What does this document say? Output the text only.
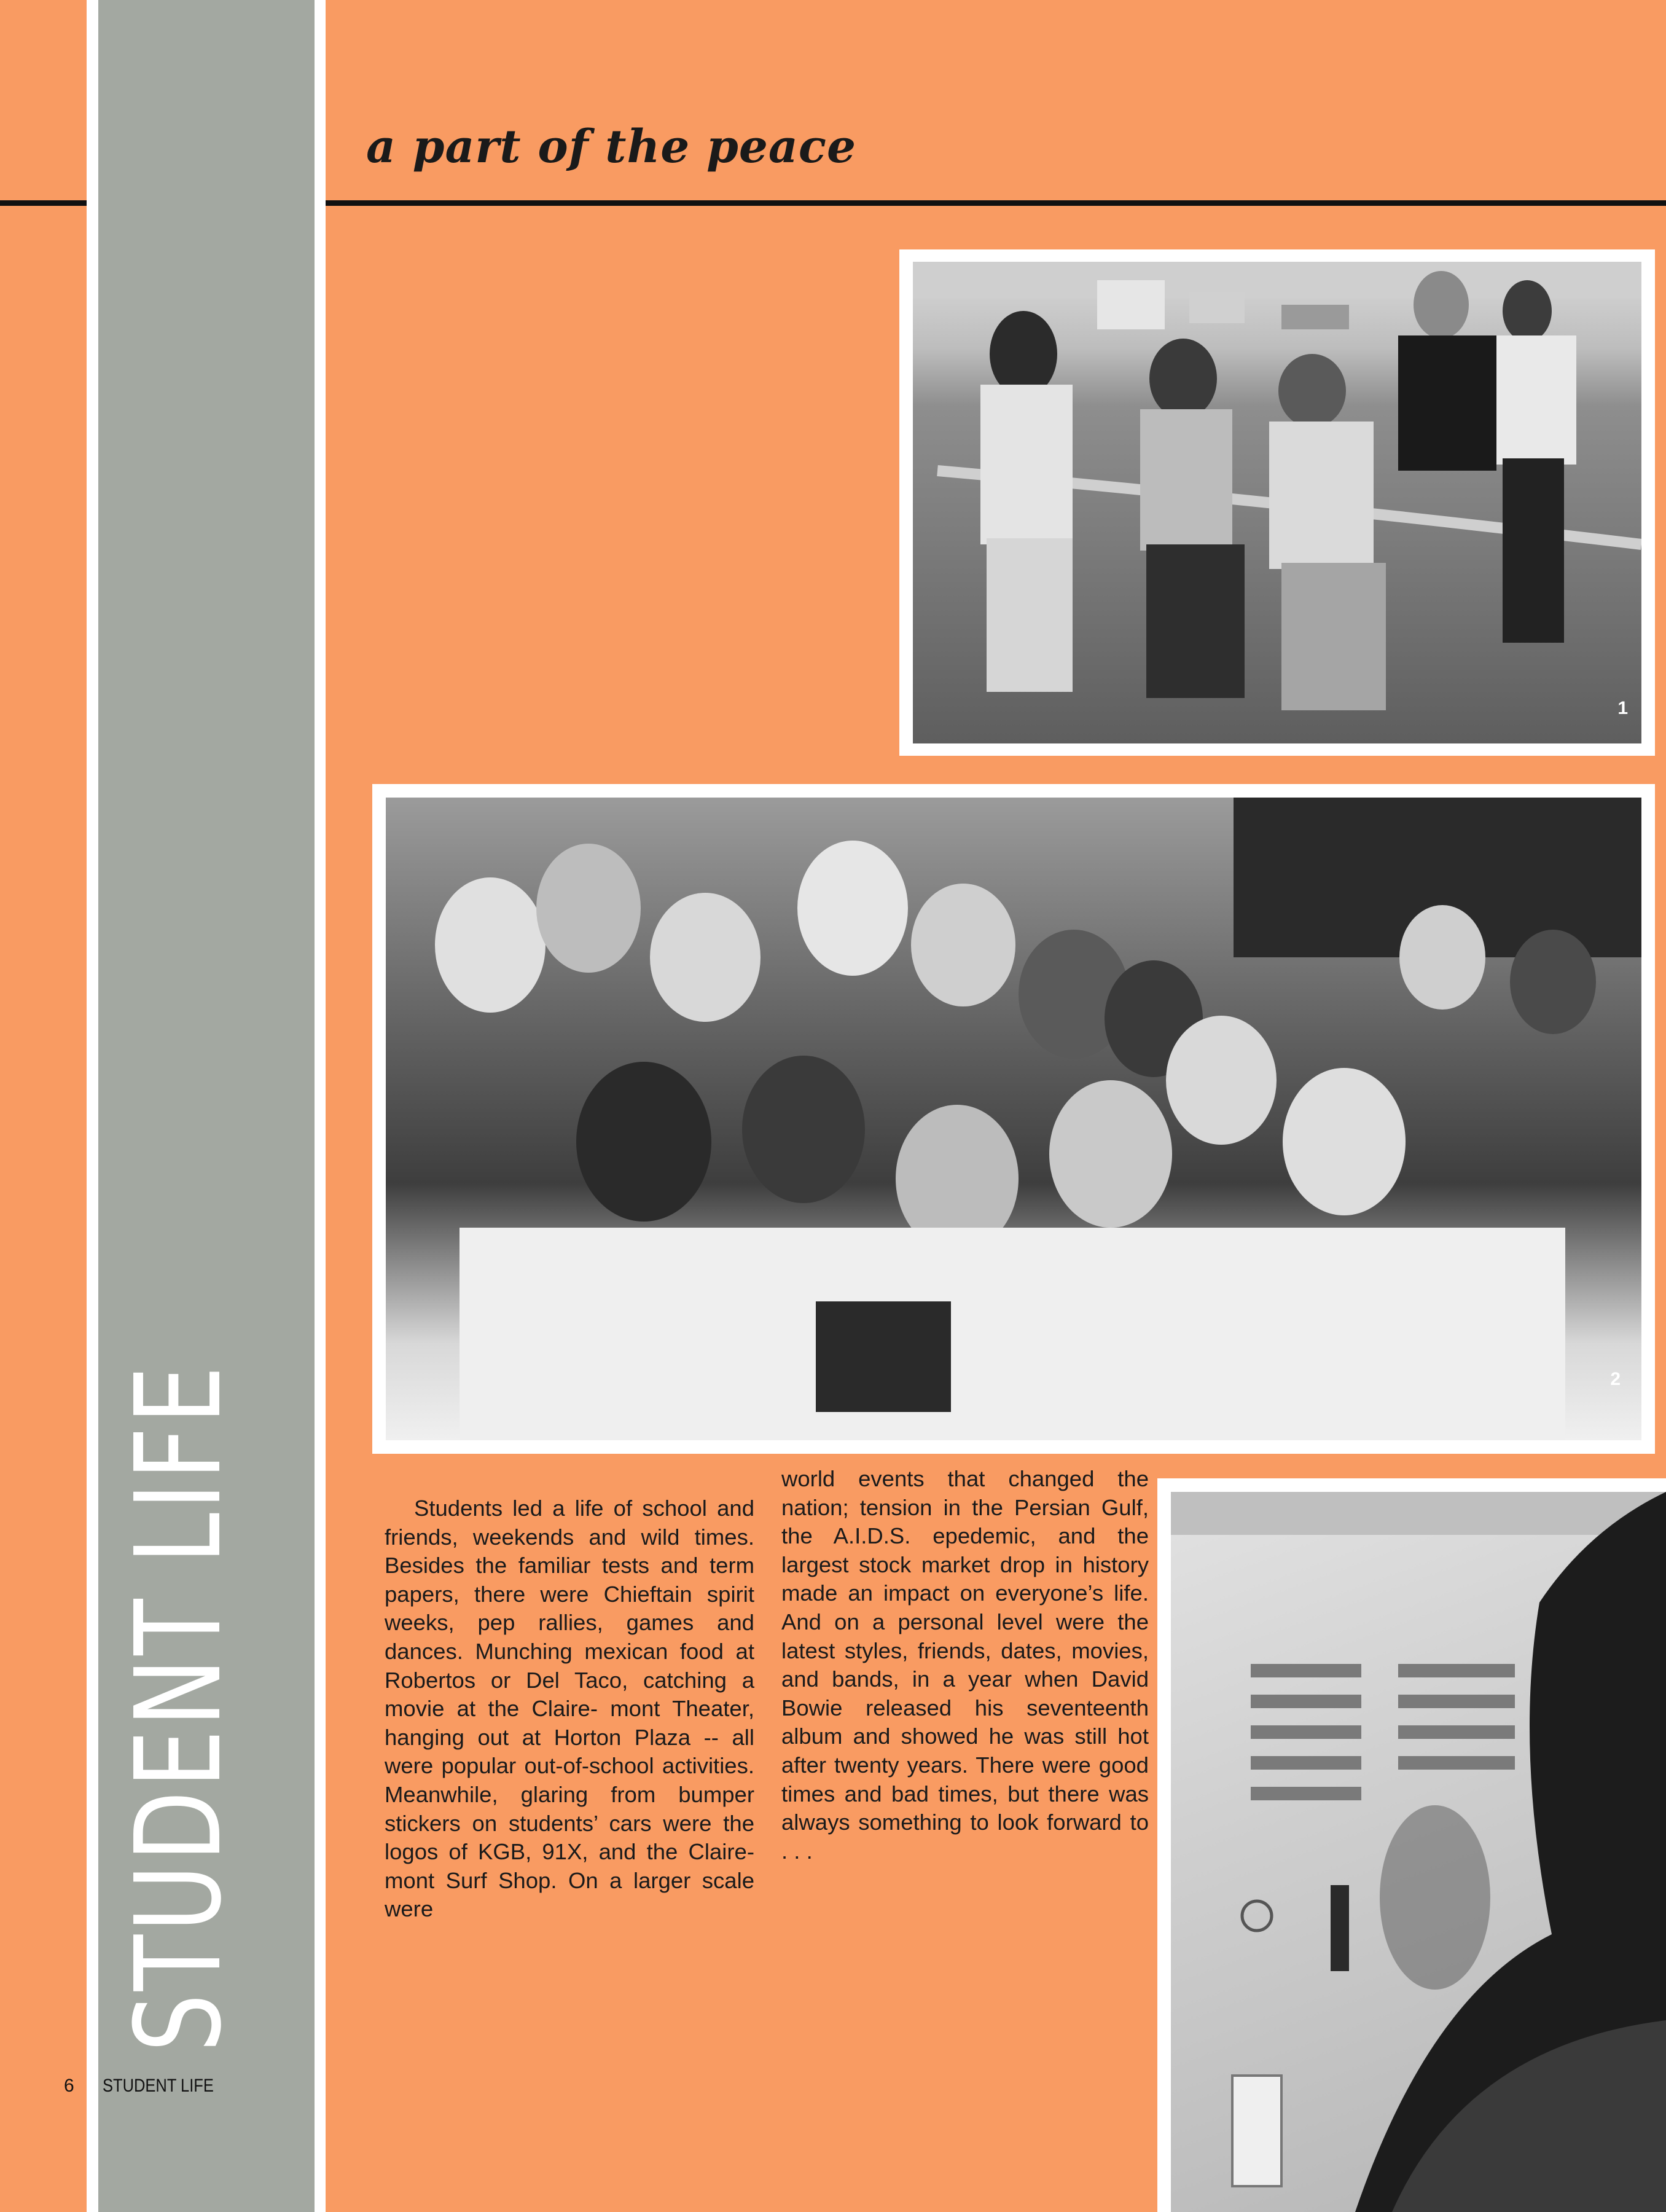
a part of the peace
STUDENT LIFE
6 STUDENT LIFE
1
2
Students led a life of school and friends, weekends and wild times. Besides the familiar tests and term papers, there were Chieftain spirit weeks, pep rallies, games and dances. Munching mexican food at Robertos or Del Taco, catching a movie at the Claire- mont Theater, hanging out at Horton Plaza -- all were popular out-of-school activities. Meanwhile, glaring from bumper stickers on students’ cars were the logos of KGB, 91X, and the Claire- mont Surf Shop. On a larger scale were
world events that changed the nation; tension in the Persian Gulf, the A.I.D.S. epedemic, and the largest stock market drop in history made an impact on everyone’s life. And on a personal level were the latest styles, friends, dates, movies, and bands, in a year when David Bowie released his seventeenth album and showed he was still hot after twenty years. There were good times and bad times, but there was always something to look forward to . . .
